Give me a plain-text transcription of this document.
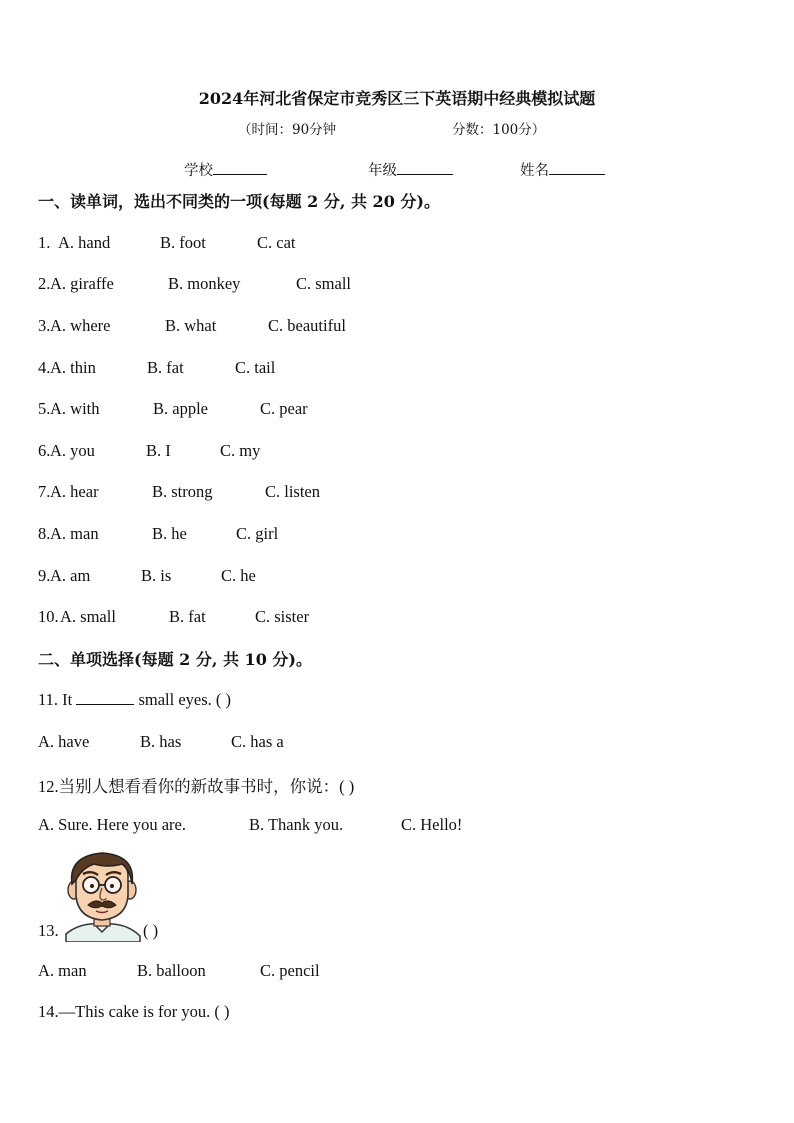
2024年河北省保定市竞秀区三下英语期中经典模拟试题
（时间：90分钟	分数：100分）
学校	年级	姓名
一、读单词，选出不同类的一项(每题 2 分, 共 20 分)。
1. A. hand	B. foot	C. cat
2. A. giraffe	B. monkey	C. small
3. A. where	B. what	C. beautiful
4. A. thin	B. fat	C. tail
5. A. with	B. apple	C. pear
6. A. you	B. I	C. my
7. A. hear	B. strong	C. listen
8. A. man	B. he	C. girl
9. A. am	B. is	C. he
10. A. small	B. fat	C. sister
二、单项选择(每题 2 分, 共 10 分)。
11. It	small eyes. ( )
A. have	B. has	C. has a
12.当别人想看看你的新故事书时，你说：( )
A. Sure. Here you are.	B. Thank you.	C. Hello!
13.	( )
A. man	B. balloon	C. pencil
14.—This cake is for you. ( )
